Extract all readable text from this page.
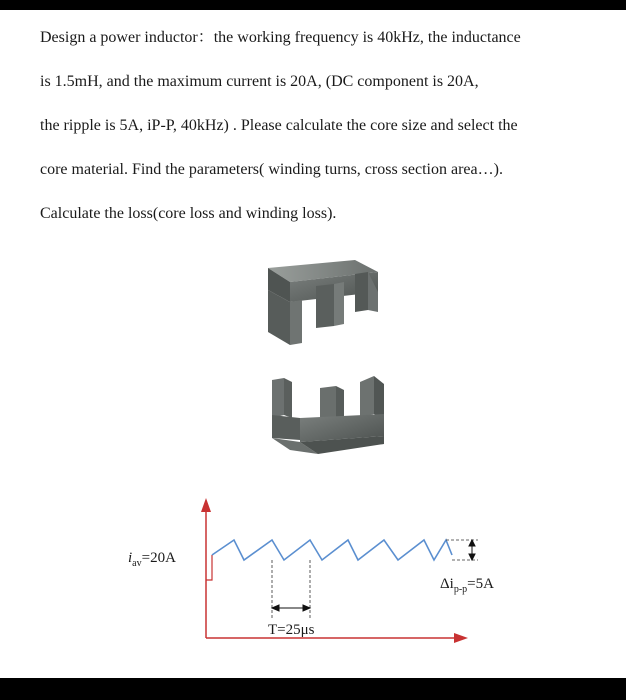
Design a power inductor：the working frequency is 40kHz, the inductance
is 1.5mH, and the maximum current is 20A, (DC component is 20A,
the ripple is 5A, iP-P, 40kHz) . Please calculate the core size and select the
core material. Find the parameters( winding turns, cross section area…).
Calculate the loss(core loss and winding loss).
$i_{av}=20A$
$\Delta i_{p-p}=5A$
T=25μs
